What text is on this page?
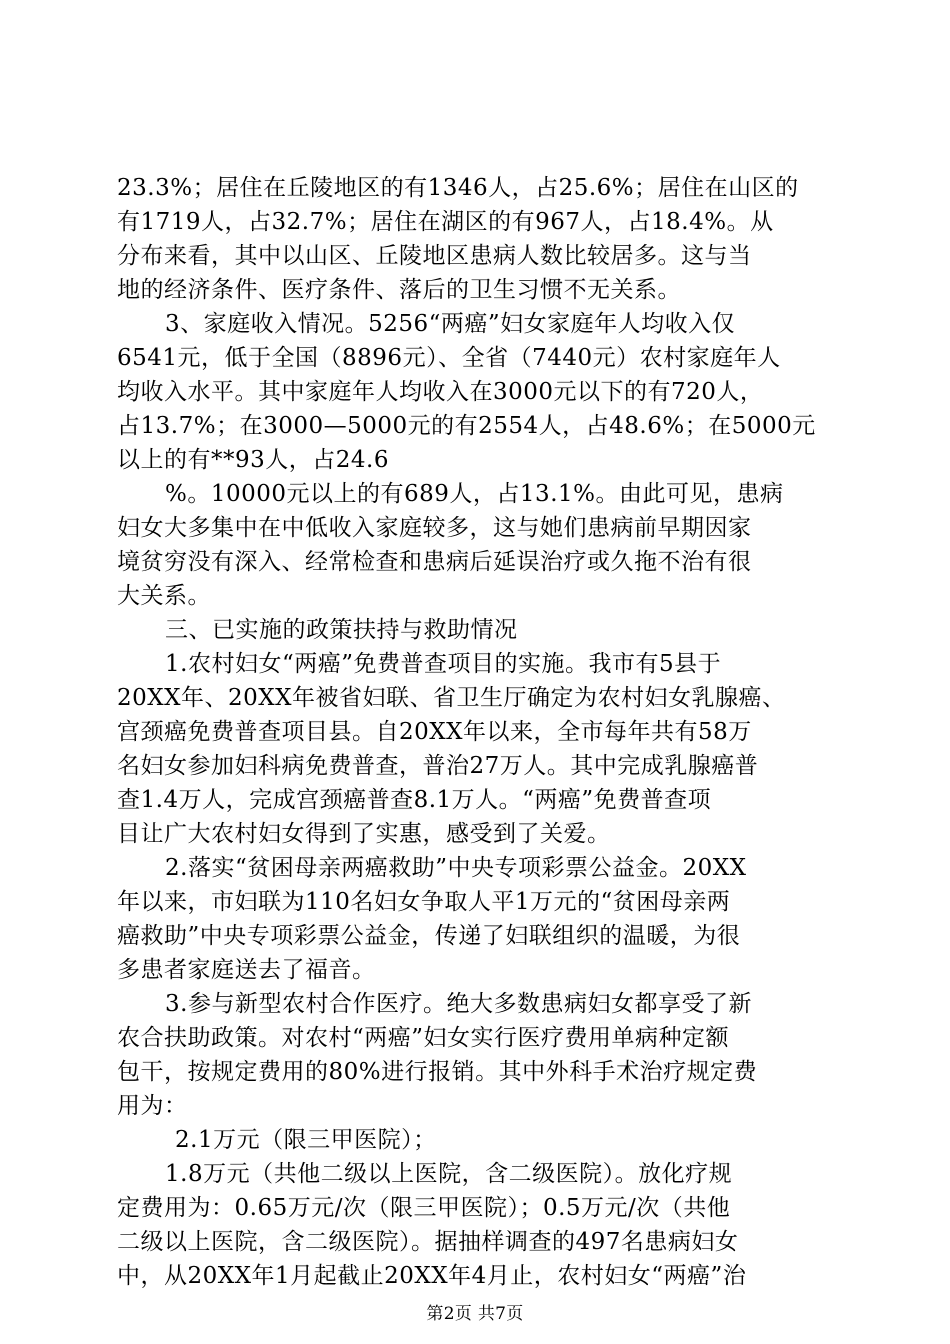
23.3%；居住在丘陵地区的有1346人，占25.6%；居住在山区的
有1719人，占32.7%；居住在湖区的有967人，占18.4%。从
分布来看，其中以山区、丘陵地区患病人数比较居多。这与当
地的经济条件、医疗条件、落后的卫生习惯不无关系。
3、家庭收入情况。5256“两癌”妇女家庭年人均收入仅
6541元，低于全国（8896元）、全省（7440元）农村家庭年人
均收入水平。其中家庭年人均收入在3000元以下的有720人，
占13.7%；在3000—5000元的有2554人，占48.6%；在5000元
以上的有**93人，占24.6
%。10000元以上的有689人，占13.1%。由此可见，患病
妇女大多集中在中低收入家庭较多，这与她们患病前早期因家
境贫穷没有深入、经常检查和患病后延误治疗或久拖不治有很
大关系。
三、已实施的政策扶持与救助情况
1.农村妇女“两癌”免费普查项目的实施。我市有5县于
20XX年、20XX年被省妇联、省卫生厅确定为农村妇女乳腺癌、
宫颈癌免费普查项目县。自20XX年以来，全市每年共有58万
名妇女参加妇科病免费普查，普治27万人。其中完成乳腺癌普
查1.4万人，完成宫颈癌普查8.1万人。“两癌”免费普查项
目让广大农村妇女得到了实惠，感受到了关爱。
2.落实“贫困母亲两癌救助”中央专项彩票公益金。20XX
年以来，市妇联为110名妇女争取人平1万元的“贫困母亲两
癌救助”中央专项彩票公益金，传递了妇联组织的温暖，为很
多患者家庭送去了福音。
3.参与新型农村合作医疗。绝大多数患病妇女都享受了新
农合扶助政策。对农村“两癌”妇女实行医疗费用单病种定额
包干，按规定费用的80%进行报销。其中外科手术治疗规定费
用为：
2.1万元（限三甲医院）；
1.8万元（共他二级以上医院，含二级医院）。放化疗规
定费用为：0.65万元/次（限三甲医院）；0.5万元/次（共他
二级以上医院，含二级医院）。据抽样调查的497名患病妇女
中，从20XX年1月起截止20XX年4月止，农村妇女“两癌”治
第2页 共7页
